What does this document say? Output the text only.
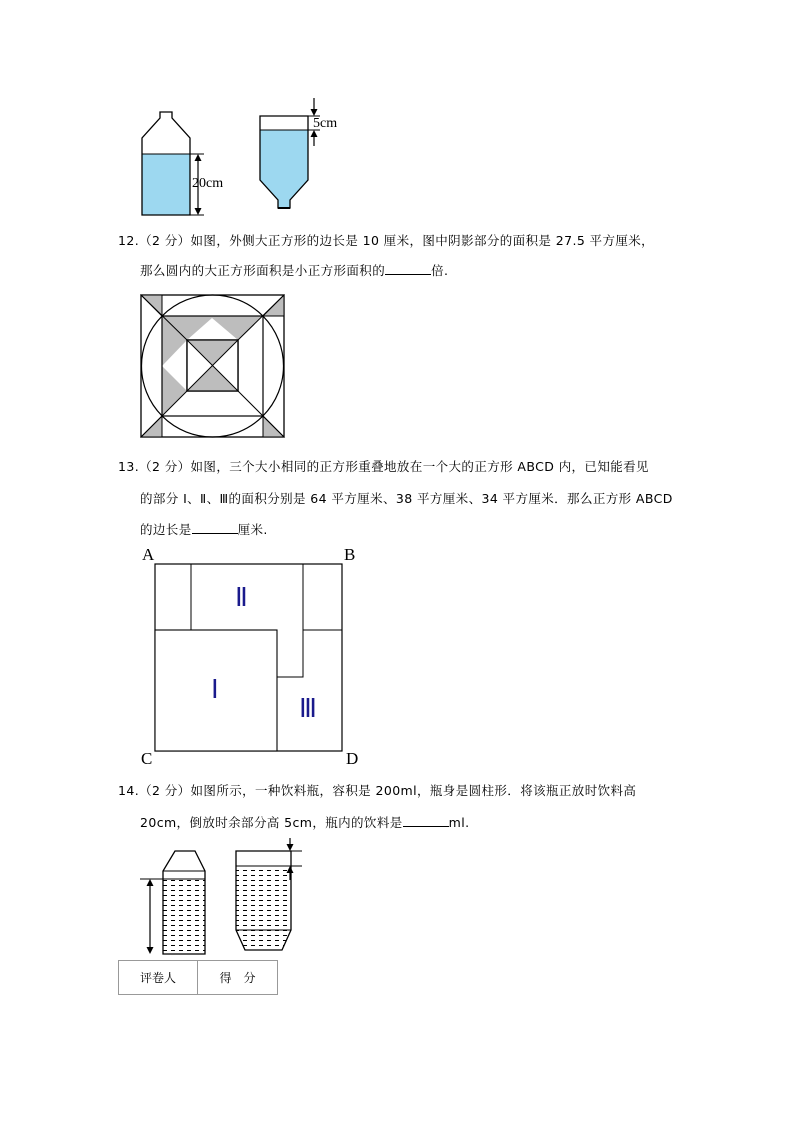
20cm
5cm
12.（2 分）如图，外侧大正方形的边长是 10 厘米，图中阴影部分的面积是 27.5 平方厘米，
那么圆内的大正方形面积是小正方形面积的	倍.
13.（2 分）如图，三个大小相同的正方形重叠地放在一个大的正方形 ABCD 内，已知能看见
的部分 Ⅰ、Ⅱ、Ⅲ的面积分别是 64 平方厘米、38 平方厘米、34 平方厘米．那么正方形 ABCD
的边长是	厘米.
A	B
C	D
Ⅱ
Ⅰ
Ⅲ
14.（2 分）如图所示，一种饮料瓶，容积是 200ml，瓶身是圆柱形．将该瓶正放时饮料高
20cm，倒放时余部分高 5cm，瓶内的饮料是	ml.
评卷人	得　分
